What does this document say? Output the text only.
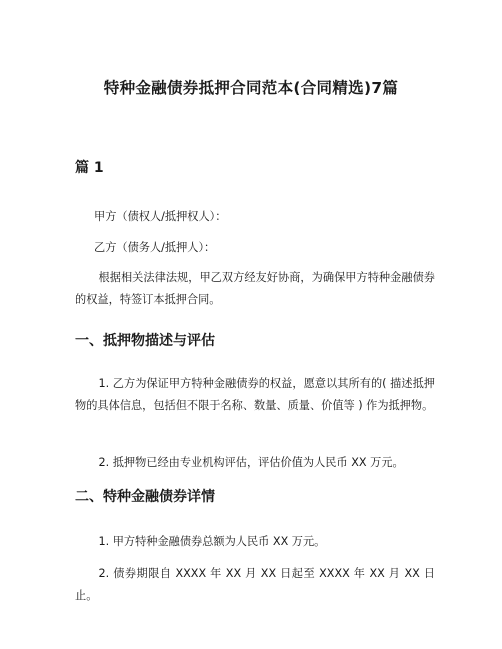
特种金融债券抵押合同范本(合同精选)7篇
篇 1
甲方（债权人/抵押权人）：
乙方（债务人/抵押人）：
根据相关法律法规，甲乙双方经友好协商，为确保甲方特种金融债券的权益，特签订本抵押合同。
一、抵押物描述与评估
1. 乙方为保证甲方特种金融债券的权益，愿意以其所有的( 描述抵押物的具体信息，包括但不限于名称、数量、质量、价值等 ) 作为抵押物。
2. 抵押物已经由专业机构评估，评估价值为人民币 XX 万元。
二、特种金融债券详情
1. 甲方特种金融债券总额为人民币 XX 万元。
2. 债券期限自 XXXX 年 XX 月 XX 日起至 XXXX 年 XX 月 XX 日止。
